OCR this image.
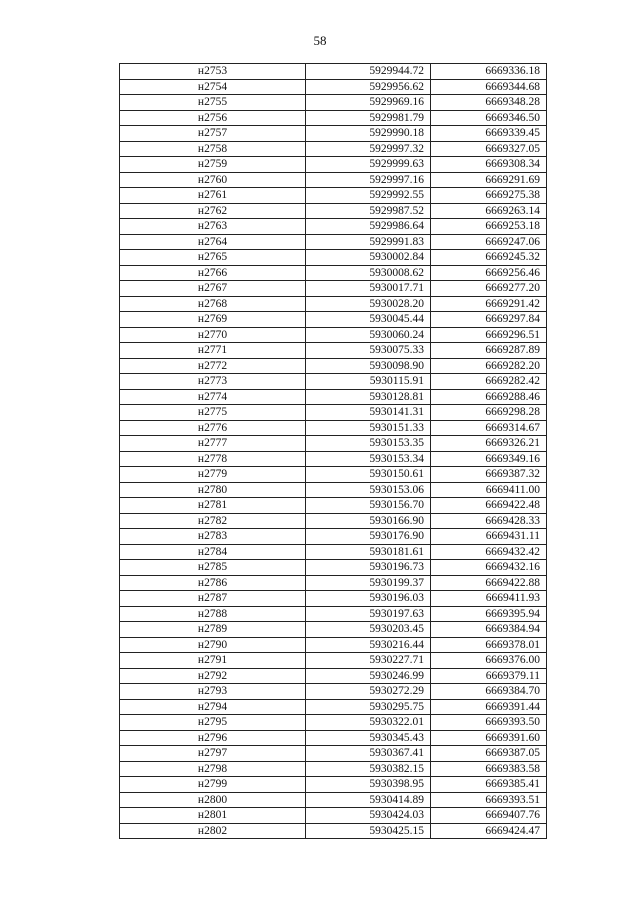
58
н2753	5929944.72	6669336.18
н2754	5929956.62	6669344.68
н2755	5929969.16	6669348.28
н2756	5929981.79	6669346.50
н2757	5929990.18	6669339.45
н2758	5929997.32	6669327.05
н2759	5929999.63	6669308.34
н2760	5929997.16	6669291.69
н2761	5929992.55	6669275.38
н2762	5929987.52	6669263.14
н2763	5929986.64	6669253.18
н2764	5929991.83	6669247.06
н2765	5930002.84	6669245.32
н2766	5930008.62	6669256.46
н2767	5930017.71	6669277.20
н2768	5930028.20	6669291.42
н2769	5930045.44	6669297.84
н2770	5930060.24	6669296.51
н2771	5930075.33	6669287.89
н2772	5930098.90	6669282.20
н2773	5930115.91	6669282.42
н2774	5930128.81	6669288.46
н2775	5930141.31	6669298.28
н2776	5930151.33	6669314.67
н2777	5930153.35	6669326.21
н2778	5930153.34	6669349.16
н2779	5930150.61	6669387.32
н2780	5930153.06	6669411.00
н2781	5930156.70	6669422.48
н2782	5930166.90	6669428.33
н2783	5930176.90	6669431.11
н2784	5930181.61	6669432.42
н2785	5930196.73	6669432.16
н2786	5930199.37	6669422.88
н2787	5930196.03	6669411.93
н2788	5930197.63	6669395.94
н2789	5930203.45	6669384.94
н2790	5930216.44	6669378.01
н2791	5930227.71	6669376.00
н2792	5930246.99	6669379.11
н2793	5930272.29	6669384.70
н2794	5930295.75	6669391.44
н2795	5930322.01	6669393.50
н2796	5930345.43	6669391.60
н2797	5930367.41	6669387.05
н2798	5930382.15	6669383.58
н2799	5930398.95	6669385.41
н2800	5930414.89	6669393.51
н2801	5930424.03	6669407.76
н2802	5930425.15	6669424.47
